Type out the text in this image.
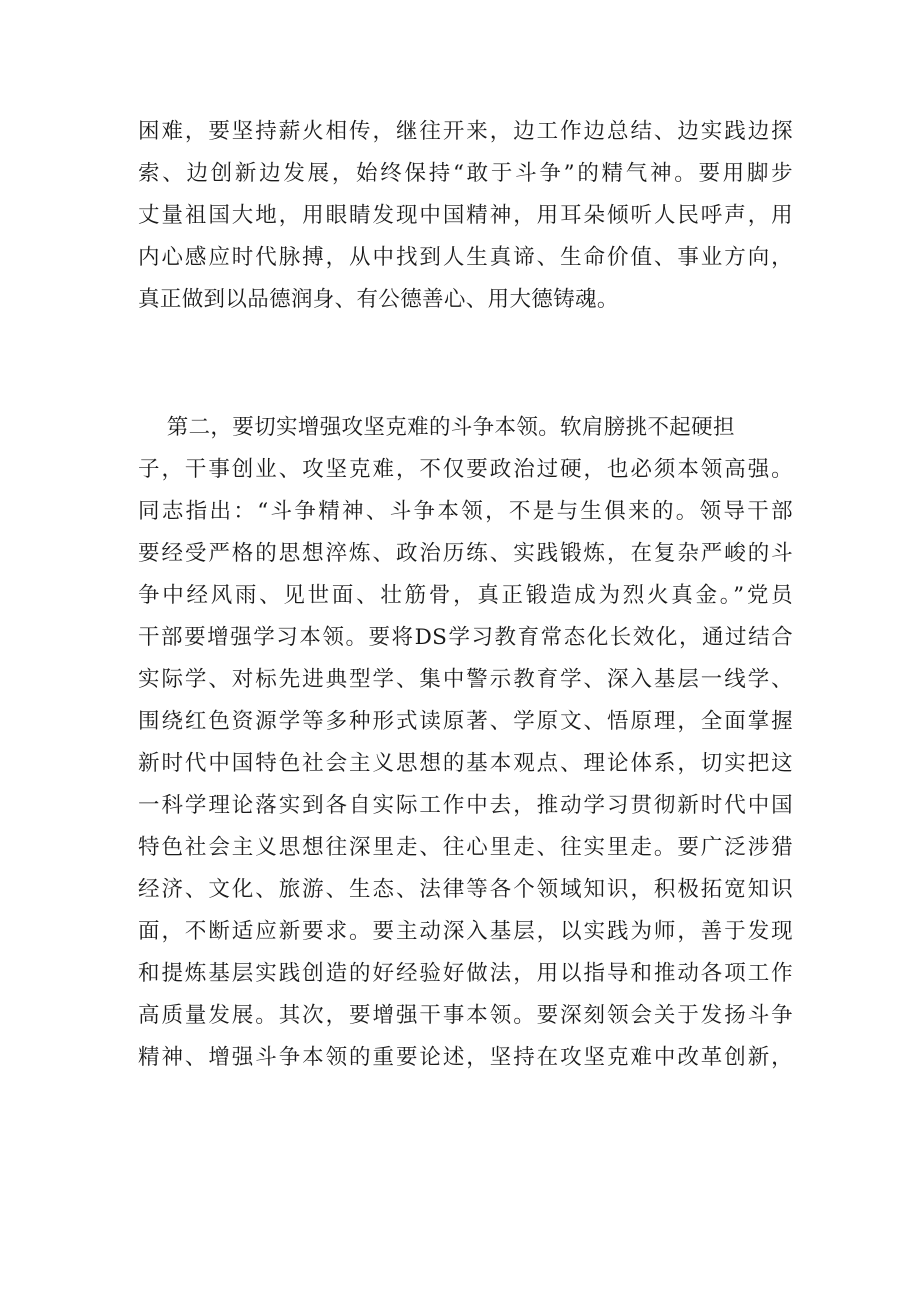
困难，要坚持薪火相传，继往开来，边工作边总结、边实践边探
索、边创新边发展，始终保持“敢于斗争”的精气神。要用脚步
丈量祖国大地，用眼睛发现中国精神，用耳朵倾听人民呼声，用
内心感应时代脉搏，从中找到人生真谛、生命价值、事业方向，
真正做到以品德润身、有公德善心、用大德铸魂。
第二，要切实增强攻坚克难的斗争本领。软肩膀挑不起硬担
子，干事创业、攻坚克难，不仅要政治过硬，也必须本领高强。
同志指出：“斗争精神、斗争本领，不是与生俱来的。领导干部
要经受严格的思想淬炼、政治历练、实践锻炼，在复杂严峻的斗
争中经风雨、见世面、壮筋骨，真正锻造成为烈火真金。”党员
干部要增强学习本领。要将DS学习教育常态化长效化，通过结合
实际学、对标先进典型学、集中警示教育学、深入基层一线学、
围绕红色资源学等多种形式读原著、学原文、悟原理，全面掌握
新时代中国特色社会主义思想的基本观点、理论体系，切实把这
一科学理论落实到各自实际工作中去，推动学习贯彻新时代中国
特色社会主义思想往深里走、往心里走、往实里走。要广泛涉猎
经济、文化、旅游、生态、法律等各个领域知识，积极拓宽知识
面，不断适应新要求。要主动深入基层，以实践为师，善于发现
和提炼基层实践创造的好经验好做法，用以指导和推动各项工作
高质量发展。其次，要增强干事本领。要深刻领会关于发扬斗争
精神、增强斗争本领的重要论述，坚持在攻坚克难中改革创新，
